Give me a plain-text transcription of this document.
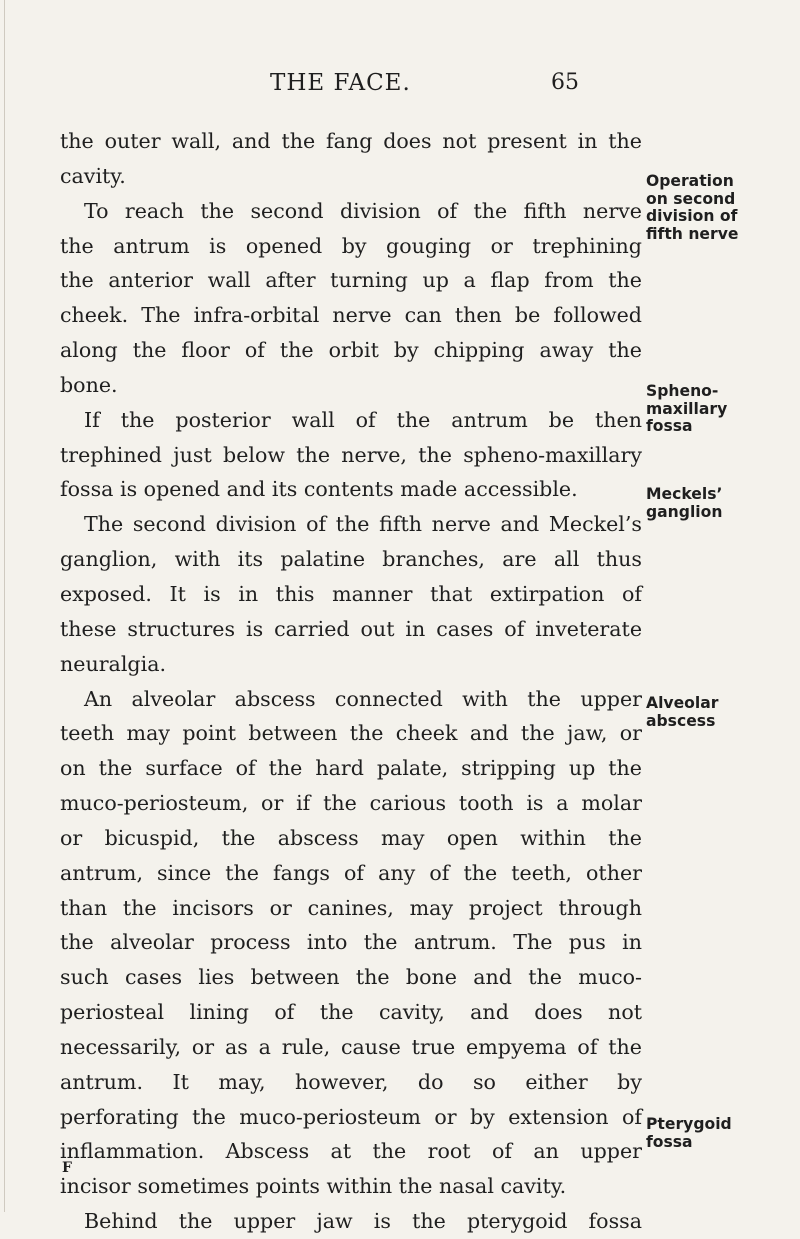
THE FACE.	65
the outer wall, and the fang does not present in the
cavity.
To reach the second division of the fifth nerve
the antrum is opened by gouging or trephining
the anterior wall after turning up a flap from the
cheek. The infra-orbital nerve can then be followed
along the floor of the orbit by chipping away the
bone.
If the posterior wall of the antrum be then
trephined just below the nerve, the spheno-maxillary
fossa is opened and its contents made accessible.
The second division of the fifth nerve and Meckel’s
ganglion, with its palatine branches, are all thus
exposed. It is in this manner that extirpation of
these structures is carried out in cases of inveterate
neuralgia.
An alveolar abscess connected with the upper
teeth may point between the cheek and the jaw, or
on the surface of the hard palate, stripping up the
muco-periosteum, or if the carious tooth is a molar
or bicuspid, the abscess may open within the
antrum, since the fangs of any of the teeth, other
than the incisors or canines, may project through
the alveolar process into the antrum. The pus in
such cases lies between the bone and the muco-
periosteal lining of the cavity, and does not
necessarily, or as a rule, cause true empyema of the
antrum. It may, however, do so either by
perforating the muco-periosteum or by extension of
inflammation. Abscess at the root of an upper
incisor sometimes points within the nasal cavity.
Behind the upper jaw is the pterygoid fossa
Operation
on second
division of
fifth nerve
Spheno-
maxillary
fossa
Meckels’
ganglion
Alveolar
abscess
Pterygoid
fossa
F
